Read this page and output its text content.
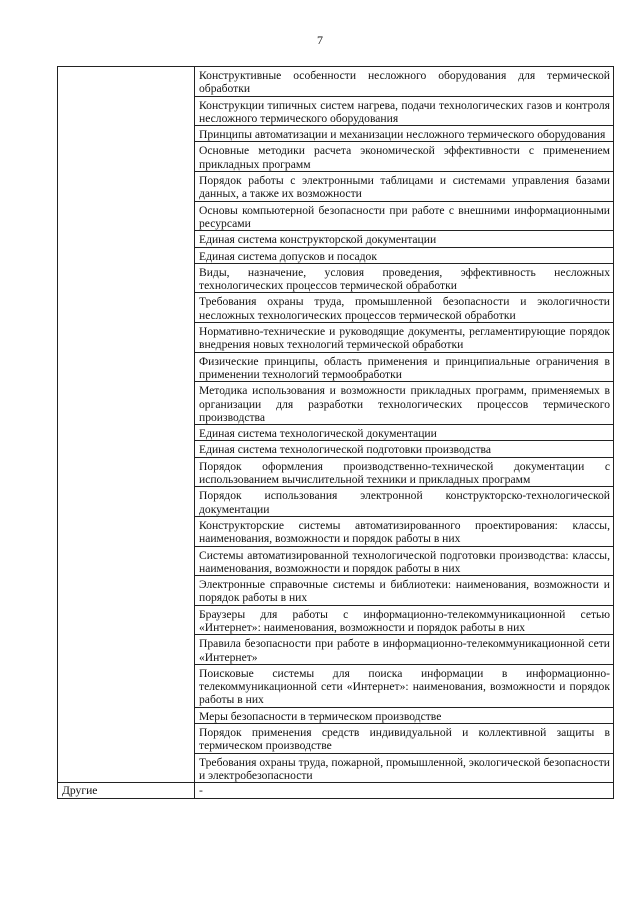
7
	Конструктивные особенности несложного оборудования для термической обработки
	Конструкции типичных систем нагрева, подачи технологических газов и контроля несложного термического оборудования
	Принципы автоматизации и механизации несложного термического оборудования
	Основные методики расчета экономической эффективности с применением прикладных программ
	Порядок работы с электронными таблицами и системами управления базами данных, а также их возможности
	Основы компьютерной безопасности при работе с внешними информационными ресурсами
	Единая система конструкторской документации
	Единая система допусков и посадок
	Виды, назначение, условия проведения, эффективность несложных технологических процессов термической обработки
	Требования охраны труда, промышленной безопасности и экологичности несложных технологических процессов термической обработки
	Нормативно-технические и руководящие документы, регламентирующие порядок внедрения новых технологий термической обработки
	Физические принципы, область применения и принципиальные ограничения в применении технологий термообработки
	Методика использования и возможности прикладных программ, применяемых в организации для разработки технологических процессов термического производства
	Единая система технологической документации
	Единая система технологической подготовки производства
	Порядок оформления производственно-технической документации с использованием вычислительной техники и прикладных программ
	Порядок использования электронной конструкторско-технологической документации
	Конструкторские системы автоматизированного проектирования: классы, наименования, возможности и порядок работы в них
	Системы автоматизированной технологической подготовки производства: классы, наименования, возможности и порядок работы в них
	Электронные справочные системы и библиотеки: наименования, возможности и порядок работы в них
	Браузеры для работы с информационно-телекоммуникационной сетью «Интернет»: наименования, возможности и порядок работы в них
	Правила безопасности при работе в информационно-телекоммуникационной сети «Интернет»
	Поисковые системы для поиска информации в информационно-телекоммуникационной сети «Интернет»: наименования, возможности и порядок работы в них
	Меры безопасности в термическом производстве
	Порядок применения средств индивидуальной и коллективной защиты в термическом производстве
	Требования охраны труда, пожарной, промышленной, экологической безопасности и электробезопасности
Другие	-
